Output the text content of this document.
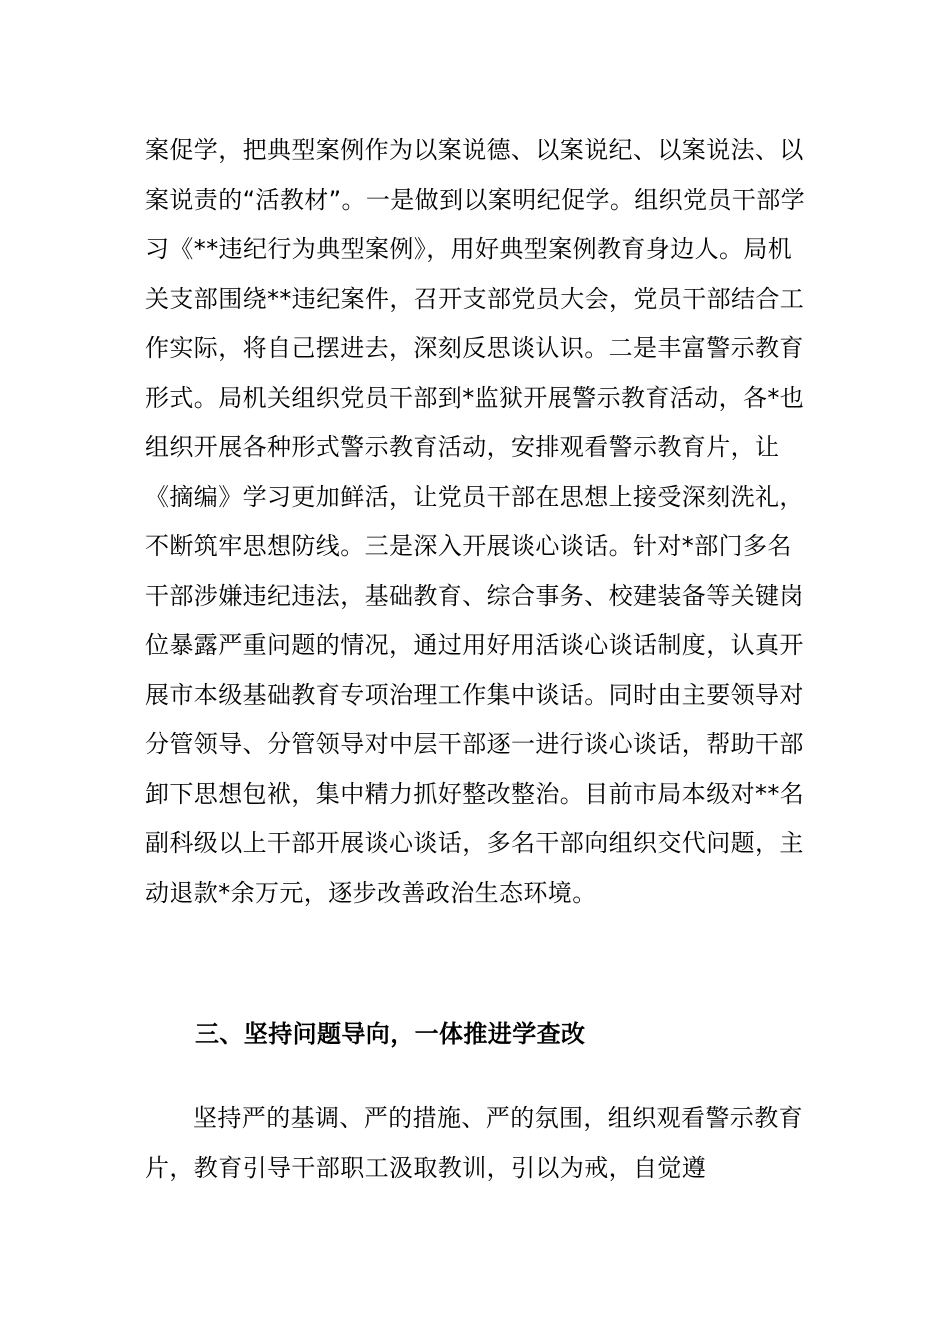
案促学，把典型案例作为以案说德、以案说纪、以案说法、以案说责的“活教材”。一是做到以案明纪促学。组织党员干部学习《**违纪行为典型案例》，用好典型案例教育身边人。局机关支部围绕**违纪案件，召开支部党员大会，党员干部结合工作实际，将自己摆进去，深刻反思谈认识。二是丰富警示教育形式。局机关组织党员干部到*监狱开展警示教育活动，各*也组织开展各种形式警示教育活动，安排观看警示教育片，让《摘编》学习更加鲜活，让党员干部在思想上接受深刻洗礼，不断筑牢思想防线。三是深入开展谈心谈话。针对*部门多名干部涉嫌违纪违法，基础教育、综合事务、校建装备等关键岗位暴露严重问题的情况，通过用好用活谈心谈话制度，认真开展市本级基础教育专项治理工作集中谈话。同时由主要领导对分管领导、分管领导对中层干部逐一进行谈心谈话，帮助干部卸下思想包袱，集中精力抓好整改整治。目前市局本级对**名副科级以上干部开展谈心谈话，多名干部向组织交代问题，主动退款*余万元，逐步改善政治生态环境。

三、坚持问题导向，一体推进学查改

坚持严的基调、严的措施、严的氛围，组织观看警示教育片，教育引导干部职工汲取教训，引以为戒，自觉遵
